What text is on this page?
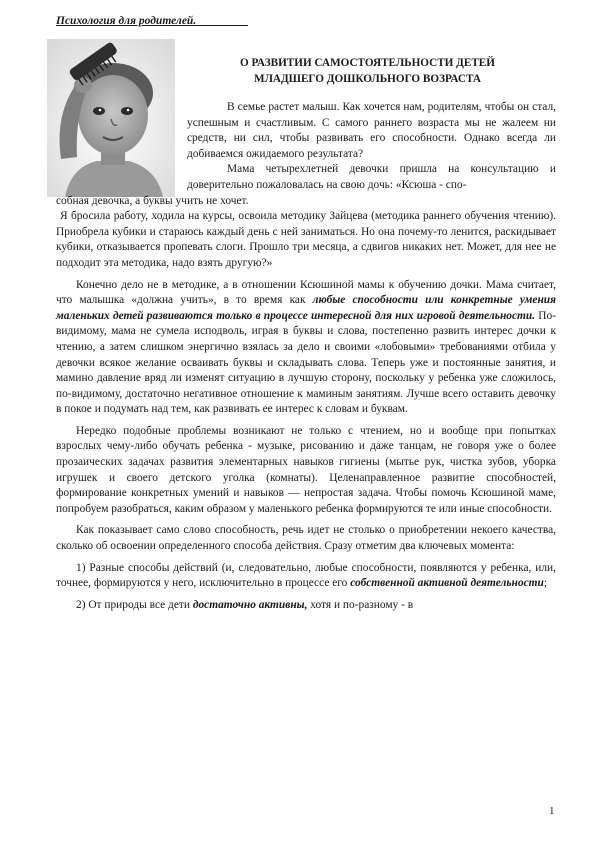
Психология для родителей.
О РАЗВИТИИ САМОСТОЯТЕЛЬНОСТИ ДЕТЕЙ
МЛАДШЕГО ДОШКОЛЬНОГО ВОЗРАСТА

В семье растет малыш. Как хочется нам, родителям, чтобы он стал, успешным и счастливым. С самого раннего возраста мы не жалеем ни средств, ни сил, чтобы развивать его способности. Однако всегда ли добиваемся ожидаемого результата?

Мама четырехлетней девочки пришла на консультацию и доверительно пожаловалась на свою дочь: «Ксюша - спо-

собная девочка, а буквы учить не хочет.

Я бросила работу, ходила на курсы, освоила методику Зайцева (методика раннего обучения чтению). Приобрела кубики и стараюсь каждый день с ней заниматься. Но она почему-то ленится, раскидывает кубики, отказывается пропевать слоги. Прошло три месяца, а сдвигов никаких нет. Может, для нее не подходит эта методика, надо взять другую?»

Конечно дело не в методике, а в отношении Ксюшиной мамы к обучению дочки. Мама считает, что малышка «должна учить», в то время как любые способности или конкретные умения маленьких детей развиваются только в процессе интересной для них игровой деятельности. По-видимому, мама не сумела исподволь, играя в буквы и слова, постепенно развить интерес дочки к чтению, а затем слишком энергично взялась за дело и своими «лобовыми» требованиями отбила у девочки всякое желание осваивать буквы и складывать слова. Теперь уже и постоянные занятия, и мамино давление вряд ли изменят ситуацию в лучшую сторону, поскольку у ребенка уже сложилось, по-видимому, достаточно негативное отношение к маминым занятиям. Лучше всего оставить девочку в покое и подумать над тем, как развивать ее интерес к словам и буквам.

Нередко подобные проблемы возникают не только с чтением, но и вообще при попытках взрослых чему-либо обучать ребенка - музыке, рисованию и даже танцам, не говоря уже о более прозаических задачах развития элементарных навыков гигиены (мытье рук, чистка зубов, уборка игрушек и своего детского уголка (комнаты). Целенаправленное развитие способностей, формирование конкретных умений и навыков — непростая задача. Чтобы помочь Ксюшиной маме, попробуем разобраться, каким образом у маленького ребенка формируются те или иные способности.

Как показывает само слово способность, речь идет не столько о приобретении некоего качества, сколько об освоении определенного способа действия. Сразу отметим два ключевых момента:

1) Разные способы действий (и, следовательно, любые способности, появляются у ребенка, или, точнее, формируются у него, исключительно в процессе его собственной активной деятельности;

2) От природы все дети достаточно активны, хотя и по-разному - в

1
